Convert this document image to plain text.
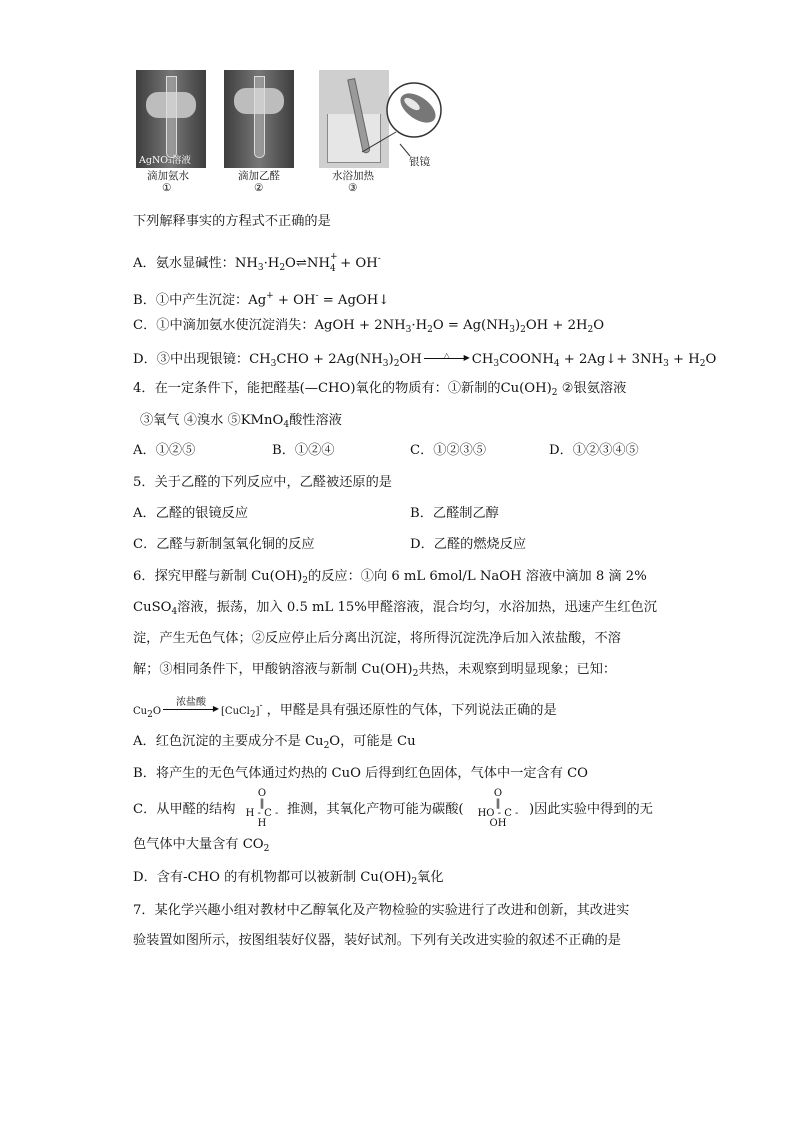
AgNO₃溶液	银镜
滴加氨水
①
滴加乙醛
②
水浴加热
③
下列解释事实的方程式不正确的是
A．氨水显碱性：$NH_3\cdot H_2O\rightleftharpoons NH$ +
4 + OH-
B．①中产生沉淀：Ag+ + OH- = AgOH↓
C．①中滴加氨水使沉淀消失：AgOH + $2NH_3\cdot H_2O = Ag(NH_3)_2OH + 2H_2O$
D．③中出现银镜：$CH_3CHO + 2Ag(NH_3)_2OH$	△	▶ $CH_3COONH_4$ + 2Ag↓+ $3NH_3 + H_2O$
4．在一定条件下，能把醛基(—CHO)氧化的物质有：①新制的$Cu(OH)_2$ ②银氨溶液
③氧气 ④溴水 ⑤KMnO$_4$酸性溶液
A．①②⑤	B．①②④	C．①②③⑤	D．①②③④⑤
5．关于乙醛的下列反应中，乙醛被还原的是
A．乙醛的银镜反应	B．乙醛制乙醇
C．乙醛与新制氢氧化铜的反应	D．乙醛的燃烧反应
6．探究甲醛与新制 $Cu(OH)_2$的反应：①向 6 mL 6mol/L NaOH 溶液中滴加 8 滴 2%
CuSO$_4$溶液，振荡，加入 0.5 mL 15%甲醛溶液，混合均匀，水浴加热，迅速产生红色沉
淀，产生无色气体；②反应停止后分离出沉淀，将所得沉淀洗净后加入浓盐酸，不溶
解；③相同条件下，甲酸钠溶液与新制 $Cu(OH)_2$共热，未观察到明显现象；已知：
Cu2O
浓盐酸
▶ [CuCl2]- ，甲醛是具有强还原性的气体，下列说法正确的是
A．红色沉淀的主要成分不是 $Cu_2O$，可能是 Cu
B．将产生的无色气体通过灼热的 CuO 后得到红色固体，气体中一定含有 CO
C．从甲醛的结构
O
‖
H - C - H
推测，其氧化产物可能为碳酸(
O
‖
HO - C - OH
)因此实验中得到的无
色气体中大量含有 $CO_2$
D．含有-CHO 的有机物都可以被新制 $Cu(OH)_2$氧化
7．某化学兴趣小组对教材中乙醇氧化及产物检验的实验进行了改进和创新，其改进实
验装置如图所示，按图组装好仪器，装好试剂。下列有关改进实验的叙述不正确的是
